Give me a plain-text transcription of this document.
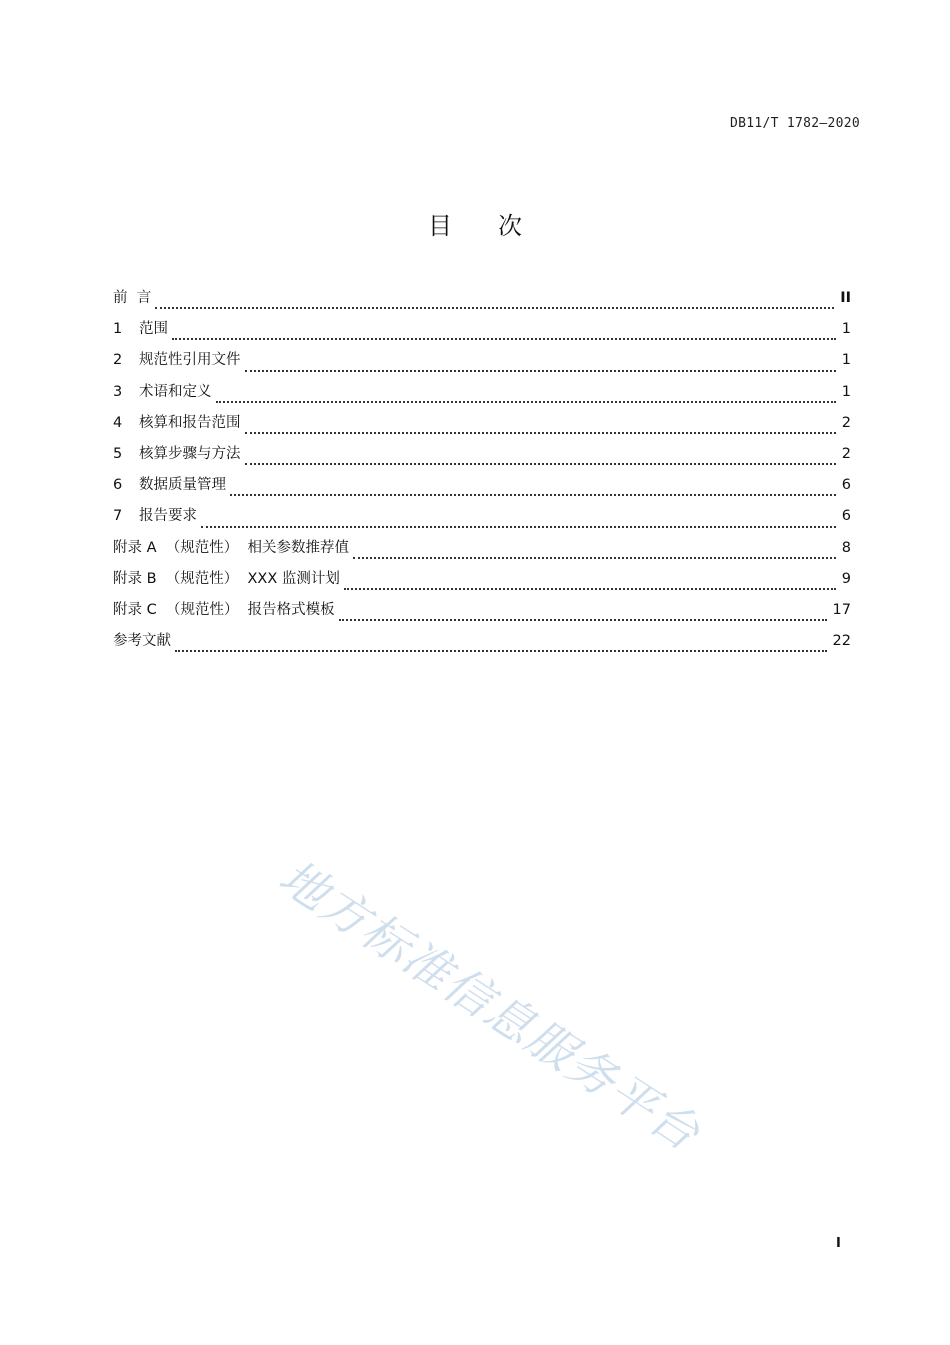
DB11/T 1782—2020
目次
前  言	II
1	范围	1
2	规范性引用文件	1
3	术语和定义	1
4	核算和报告范围	2
5	核算步骤与方法	2
6	数据质量管理	6
7	报告要求	6
附录 A  （规范性）  相关参数推荐值	8
附录 B  （规范性）  XXX 监测计划	9
附录 C  （规范性）  报告格式模板	17
参考文献	22
地方标准信息服务平台
I
